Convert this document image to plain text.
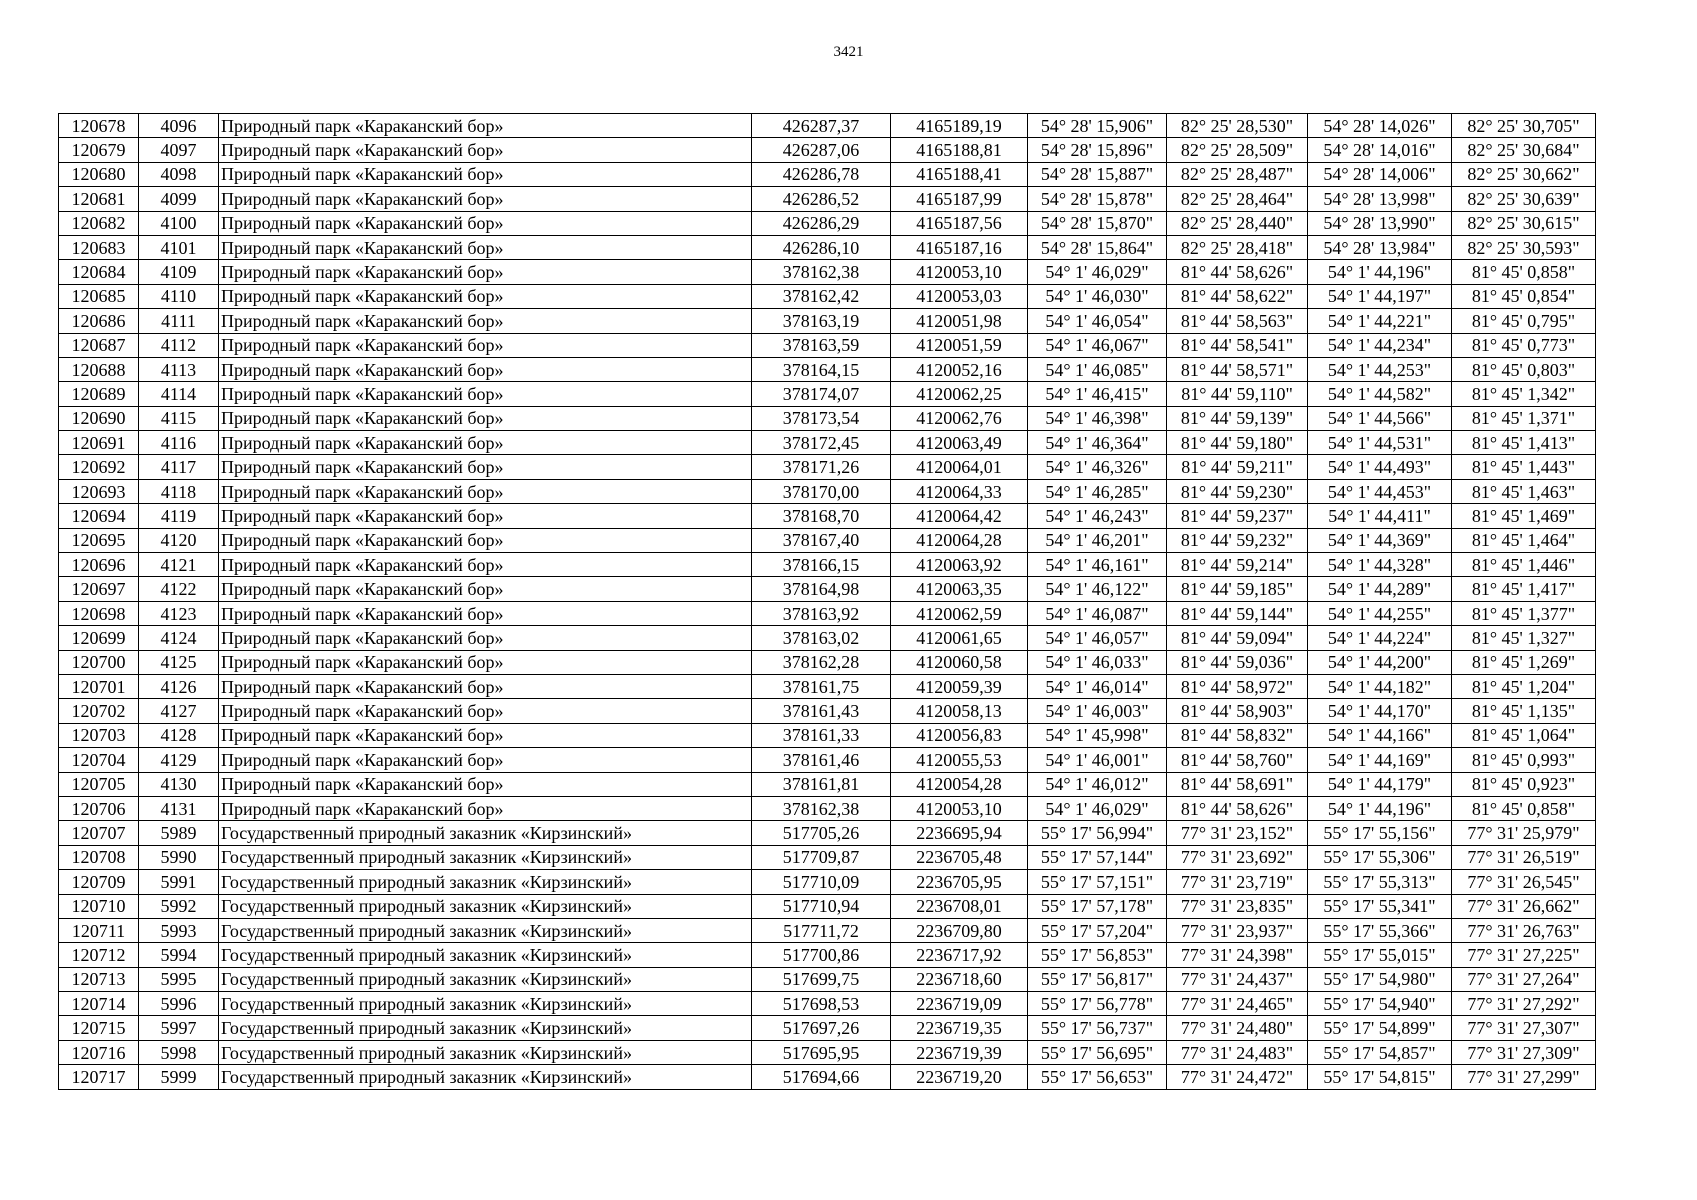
3421
120678	4096	Природный парк «Караканский бор»	426287,37	4165189,19	54° 28' 15,906"	82° 25' 28,530"	54° 28' 14,026"	82° 25' 30,705"
120679	4097	Природный парк «Караканский бор»	426287,06	4165188,81	54° 28' 15,896"	82° 25' 28,509"	54° 28' 14,016"	82° 25' 30,684"
120680	4098	Природный парк «Караканский бор»	426286,78	4165188,41	54° 28' 15,887"	82° 25' 28,487"	54° 28' 14,006"	82° 25' 30,662"
120681	4099	Природный парк «Караканский бор»	426286,52	4165187,99	54° 28' 15,878"	82° 25' 28,464"	54° 28' 13,998"	82° 25' 30,639"
120682	4100	Природный парк «Караканский бор»	426286,29	4165187,56	54° 28' 15,870"	82° 25' 28,440"	54° 28' 13,990"	82° 25' 30,615"
120683	4101	Природный парк «Караканский бор»	426286,10	4165187,16	54° 28' 15,864"	82° 25' 28,418"	54° 28' 13,984"	82° 25' 30,593"
120684	4109	Природный парк «Караканский бор»	378162,38	4120053,10	54° 1' 46,029"	81° 44' 58,626"	54° 1' 44,196"	81° 45' 0,858"
120685	4110	Природный парк «Караканский бор»	378162,42	4120053,03	54° 1' 46,030"	81° 44' 58,622"	54° 1' 44,197"	81° 45' 0,854"
120686	4111	Природный парк «Караканский бор»	378163,19	4120051,98	54° 1' 46,054"	81° 44' 58,563"	54° 1' 44,221"	81° 45' 0,795"
120687	4112	Природный парк «Караканский бор»	378163,59	4120051,59	54° 1' 46,067"	81° 44' 58,541"	54° 1' 44,234"	81° 45' 0,773"
120688	4113	Природный парк «Караканский бор»	378164,15	4120052,16	54° 1' 46,085"	81° 44' 58,571"	54° 1' 44,253"	81° 45' 0,803"
120689	4114	Природный парк «Караканский бор»	378174,07	4120062,25	54° 1' 46,415"	81° 44' 59,110"	54° 1' 44,582"	81° 45' 1,342"
120690	4115	Природный парк «Караканский бор»	378173,54	4120062,76	54° 1' 46,398"	81° 44' 59,139"	54° 1' 44,566"	81° 45' 1,371"
120691	4116	Природный парк «Караканский бор»	378172,45	4120063,49	54° 1' 46,364"	81° 44' 59,180"	54° 1' 44,531"	81° 45' 1,413"
120692	4117	Природный парк «Караканский бор»	378171,26	4120064,01	54° 1' 46,326"	81° 44' 59,211"	54° 1' 44,493"	81° 45' 1,443"
120693	4118	Природный парк «Караканский бор»	378170,00	4120064,33	54° 1' 46,285"	81° 44' 59,230"	54° 1' 44,453"	81° 45' 1,463"
120694	4119	Природный парк «Караканский бор»	378168,70	4120064,42	54° 1' 46,243"	81° 44' 59,237"	54° 1' 44,411"	81° 45' 1,469"
120695	4120	Природный парк «Караканский бор»	378167,40	4120064,28	54° 1' 46,201"	81° 44' 59,232"	54° 1' 44,369"	81° 45' 1,464"
120696	4121	Природный парк «Караканский бор»	378166,15	4120063,92	54° 1' 46,161"	81° 44' 59,214"	54° 1' 44,328"	81° 45' 1,446"
120697	4122	Природный парк «Караканский бор»	378164,98	4120063,35	54° 1' 46,122"	81° 44' 59,185"	54° 1' 44,289"	81° 45' 1,417"
120698	4123	Природный парк «Караканский бор»	378163,92	4120062,59	54° 1' 46,087"	81° 44' 59,144"	54° 1' 44,255"	81° 45' 1,377"
120699	4124	Природный парк «Караканский бор»	378163,02	4120061,65	54° 1' 46,057"	81° 44' 59,094"	54° 1' 44,224"	81° 45' 1,327"
120700	4125	Природный парк «Караканский бор»	378162,28	4120060,58	54° 1' 46,033"	81° 44' 59,036"	54° 1' 44,200"	81° 45' 1,269"
120701	4126	Природный парк «Караканский бор»	378161,75	4120059,39	54° 1' 46,014"	81° 44' 58,972"	54° 1' 44,182"	81° 45' 1,204"
120702	4127	Природный парк «Караканский бор»	378161,43	4120058,13	54° 1' 46,003"	81° 44' 58,903"	54° 1' 44,170"	81° 45' 1,135"
120703	4128	Природный парк «Караканский бор»	378161,33	4120056,83	54° 1' 45,998"	81° 44' 58,832"	54° 1' 44,166"	81° 45' 1,064"
120704	4129	Природный парк «Караканский бор»	378161,46	4120055,53	54° 1' 46,001"	81° 44' 58,760"	54° 1' 44,169"	81° 45' 0,993"
120705	4130	Природный парк «Караканский бор»	378161,81	4120054,28	54° 1' 46,012"	81° 44' 58,691"	54° 1' 44,179"	81° 45' 0,923"
120706	4131	Природный парк «Караканский бор»	378162,38	4120053,10	54° 1' 46,029"	81° 44' 58,626"	54° 1' 44,196"	81° 45' 0,858"
120707	5989	Государственный природный заказник «Кирзинский»	517705,26	2236695,94	55° 17' 56,994"	77° 31' 23,152"	55° 17' 55,156"	77° 31' 25,979"
120708	5990	Государственный природный заказник «Кирзинский»	517709,87	2236705,48	55° 17' 57,144"	77° 31' 23,692"	55° 17' 55,306"	77° 31' 26,519"
120709	5991	Государственный природный заказник «Кирзинский»	517710,09	2236705,95	55° 17' 57,151"	77° 31' 23,719"	55° 17' 55,313"	77° 31' 26,545"
120710	5992	Государственный природный заказник «Кирзинский»	517710,94	2236708,01	55° 17' 57,178"	77° 31' 23,835"	55° 17' 55,341"	77° 31' 26,662"
120711	5993	Государственный природный заказник «Кирзинский»	517711,72	2236709,80	55° 17' 57,204"	77° 31' 23,937"	55° 17' 55,366"	77° 31' 26,763"
120712	5994	Государственный природный заказник «Кирзинский»	517700,86	2236717,92	55° 17' 56,853"	77° 31' 24,398"	55° 17' 55,015"	77° 31' 27,225"
120713	5995	Государственный природный заказник «Кирзинский»	517699,75	2236718,60	55° 17' 56,817"	77° 31' 24,437"	55° 17' 54,980"	77° 31' 27,264"
120714	5996	Государственный природный заказник «Кирзинский»	517698,53	2236719,09	55° 17' 56,778"	77° 31' 24,465"	55° 17' 54,940"	77° 31' 27,292"
120715	5997	Государственный природный заказник «Кирзинский»	517697,26	2236719,35	55° 17' 56,737"	77° 31' 24,480"	55° 17' 54,899"	77° 31' 27,307"
120716	5998	Государственный природный заказник «Кирзинский»	517695,95	2236719,39	55° 17' 56,695"	77° 31' 24,483"	55° 17' 54,857"	77° 31' 27,309"
120717	5999	Государственный природный заказник «Кирзинский»	517694,66	2236719,20	55° 17' 56,653"	77° 31' 24,472"	55° 17' 54,815"	77° 31' 27,299"
